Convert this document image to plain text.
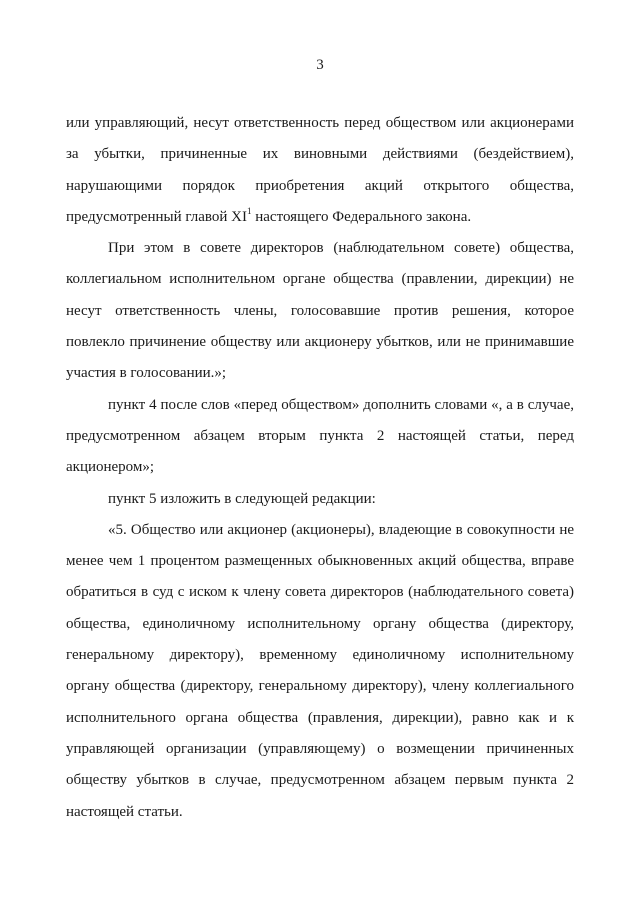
3

или управляющий, несут ответственность перед обществом или акционерами за убытки, причиненные их виновными действиями (бездействием), нарушающими порядок приобретения акций открытого общества, предусмотренный главой $XI^1$ настоящего Федерального закона.

При этом в совете директоров (наблюдательном совете) общества, коллегиальном исполнительном органе общества (правлении, дирекции) не несут ответственность члены, голосовавшие против решения, которое повлекло причинение обществу или акционеру убытков, или не принимавшие участия в голосовании.»;

пункт 4 после слов «перед обществом» дополнить словами «, а в случае, предусмотренном абзацем вторым пункта 2 настоящей статьи, перед акционером»;

пункт 5 изложить в следующей редакции:

«5. Общество или акционер (акционеры), владеющие в совокупности не менее чем 1 процентом размещенных обыкновенных акций общества, вправе обратиться в суд с иском к члену совета директоров (наблюдательного совета) общества, единоличному исполнительному органу общества (директору, генеральному директору), временному единоличному исполнительному органу общества (директору, генеральному директору), члену коллегиального исполнительного органа общества (правления, дирекции), равно как и к управляющей организации (управляющему) о возмещении причиненных обществу убытков в случае, предусмотренном абзацем первым пункта 2 настоящей статьи.
